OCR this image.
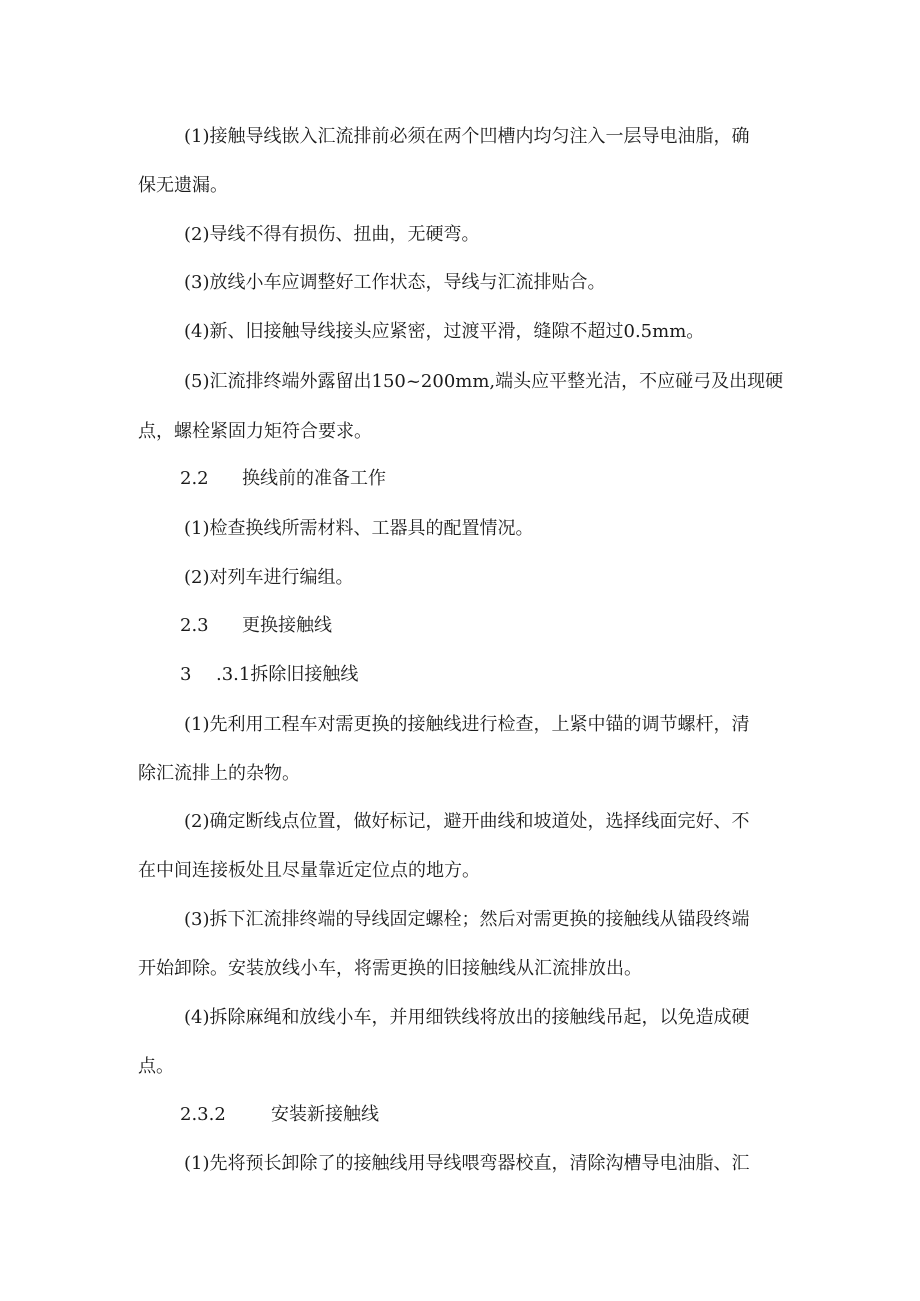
(1)接触导线嵌入汇流排前必须在两个凹槽内均匀注入一层导电油脂，确
保无遗漏。
(2)导线不得有损伤、扭曲，无硬弯。
(3)放线小车应调整好工作状态，导线与汇流排贴合。
(4)新、旧接触导线接头应紧密，过渡平滑，缝隙不超过0.5mm。
(5)汇流排终端外露留出150~200mm,端头应平整光洁，不应碰弓及出现硬
点，螺栓紧固力矩符合要求。
2.2 换线前的准备工作
(1)检查换线所需材料、工器具的配置情况。
(2)对列车进行编组。
2.3 更换接触线
3 .3.1拆除旧接触线
(1)先利用工程车对需更换的接触线进行检查，上紧中锚的调节螺杆，清
除汇流排上的杂物。
(2)确定断线点位置，做好标记，避开曲线和坡道处，选择线面完好、不
在中间连接板处且尽量靠近定位点的地方。
(3)拆下汇流排终端的导线固定螺栓；然后对需更换的接触线从锚段终端
开始卸除。安装放线小车，将需更换的旧接触线从汇流排放出。
(4)拆除麻绳和放线小车，并用细铁线将放出的接触线吊起，以免造成硬
点。
2.3.2	安装新接触线
(1)先将预长卸除了的接触线用导线喂弯器校直，清除沟槽导电油脂、汇
